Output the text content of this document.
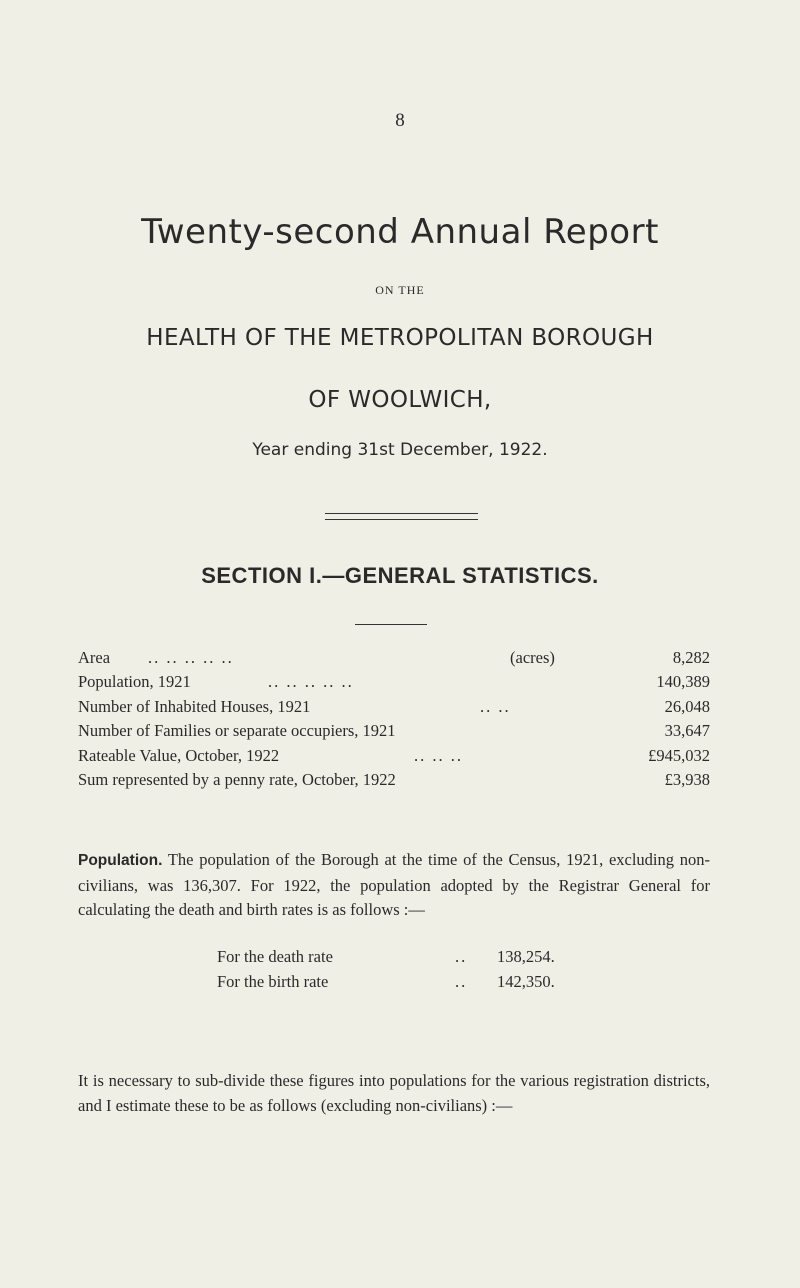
8
Twenty-second Annual Report
ON THE
HEALTH OF THE METROPOLITAN BOROUGH
OF WOOLWICH,
Year ending 31st December, 1922.
SECTION I.—GENERAL STATISTICS.
Area .. .. .. .. ..	(acres)	8,282
Population, 1921	.. .. .. .. ..	140,389
Number of Inhabited Houses, 1921	.. ..	26,048
Number of Families or separate occupiers, 1921	33,647
Rateable Value, October, 1922	.. .. ..	£945,032
Sum represented by a penny rate, October, 1922	£3,938
Population. The population of the Borough at the time of the Census, 1921, excluding non-civilians, was 136,307. For 1922, the population adopted by the Registrar General for calculating the death and birth rates is as follows :—
For the death rate	.. 138,254.
For the birth rate	.. 142,350.
It is necessary to sub-divide these figures into populations for the various registration districts, and I estimate these to be as follows (excluding non-civilians) :—
